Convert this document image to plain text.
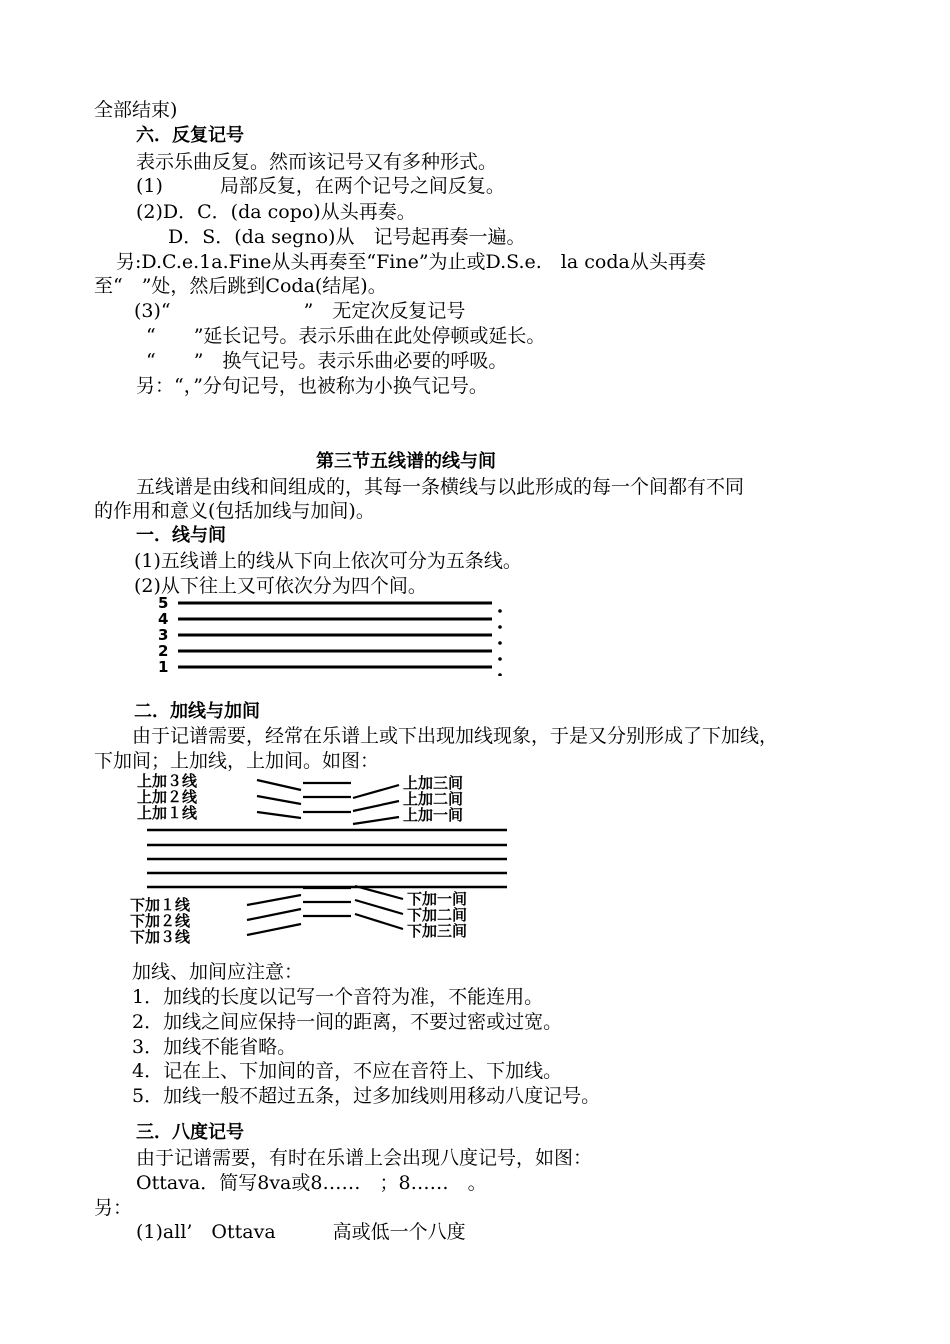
全部结束)
六．反复记号
表示乐曲反复。然而该记号又有多种形式。
(1)　　　局部反复，在两个记号之间反复。
(2)D．C．(da copo)从头再奏。
D．S．(da segno)从　记号起再奏一遍。
另:D.C.e.1a.Fine从头再奏至“Fine”为止或D.S.e.　la coda从头再奏
至“　”处，然后跳到Coda(结尾)。
(3)“　　　　　　　”　无定次反复记号
“　　”延长记号。表示乐曲在此处停顿或延长。
“　　”　换气记号。表示乐曲必要的呼吸。
另：“，”分句记号，也被称为小换气记号。
第三节五线谱的线与间
五线谱是由线和间组成的，其每一条横线与以此形成的每一个间都有不同
的作用和意义(包括加线与加间)。
一．线与间
(1)五线谱上的线从下向上依次可分为五条线。
(2)从下往上又可依次分为四个间。
5
4
3
2
1
二．加线与加间
由于记谱需要，经常在乐谱上或下出现加线现象，于是又分别形成了下加线，
下加间；上加线，上加间。如图：
上加３线
上加２线
上加１线
上加三间
上加二间
上加一间
下加１线
下加２线
下加３线
下加一间
下加二间
下加三间
加线、加间应注意：
1．加线的长度以记写一个音符为准，不能连用。
2．加线之间应保持一间的距离，不要过密或过宽。
3．加线不能省略。
4．记在上、下加间的音，不应在音符上、下加线。
5．加线一般不超过五条，过多加线则用移动八度记号。
三．八度记号
由于记谱需要，有时在乐谱上会出现八度记号，如图：
Ottava．简写8va或8……　；8……　。
另：
(1)all’　Ottava　　　高或低一个八度
